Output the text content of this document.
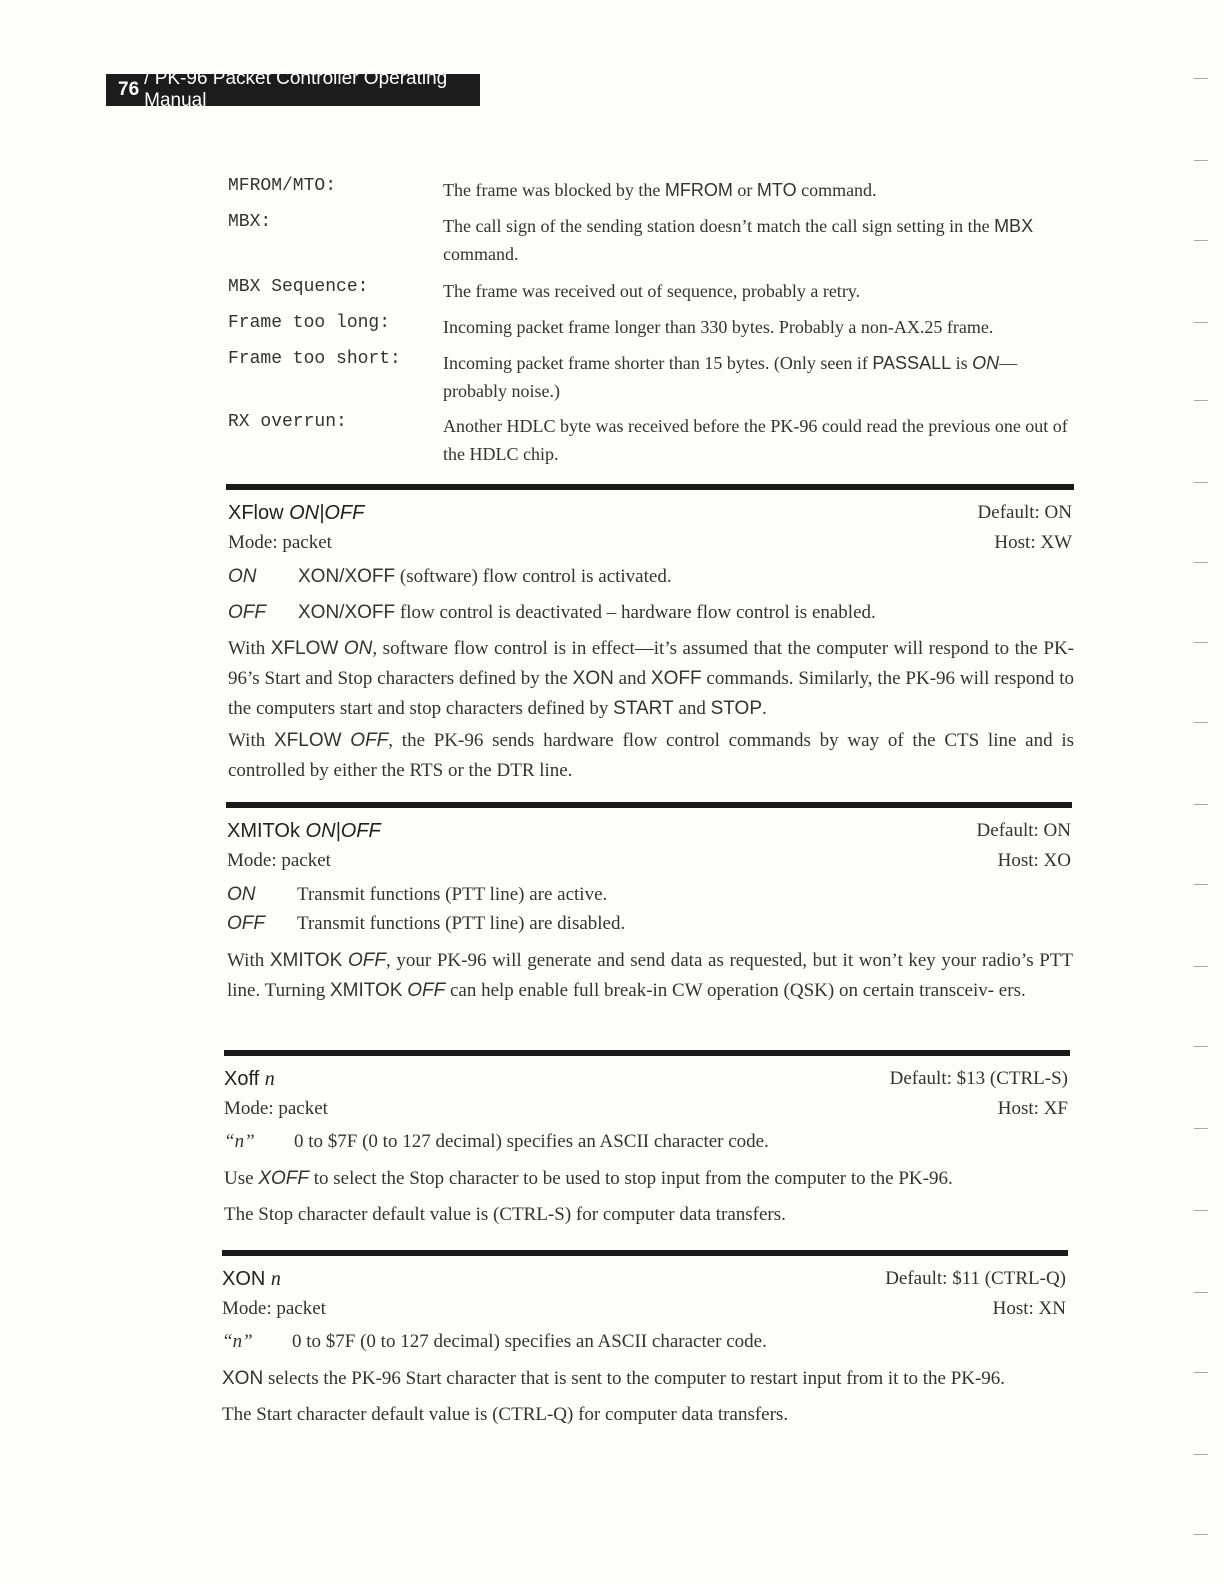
76
/ PK-96 Packet Controller Operating Manual
MFROM/MTO:	The frame was blocked by the MFROM or MTO command.
MBX:	The call sign of the sending station doesn’t match the call sign setting in the MBX command.
MBX Sequence:	The frame was received out of sequence, probably a retry.
Frame too long:	Incoming packet frame longer than 330 bytes. Probably a non-AX.25 frame.
Frame too short: Incoming packet frame shorter than 15 bytes. (Only seen if PASSALL is ON— probably noise.)
RX overrun:	Another HDLC byte was received before the PK-96 could read the previous one out of the HDLC chip.
XFlow ON|OFF	Default: ON
Mode: packet	Host: XW
ON XON/XOFF (software) flow control is activated.
OFF XON/XOFF flow control is deactivated – hardware flow control is enabled.
With XFLOW ON, software flow control is in effect—it’s assumed that the computer will respond to the PK-96’s Start and Stop characters defined by the XON and XOFF commands. Similarly, the PK-96 will respond to the computers start and stop characters defined by START and STOP.
With XFLOW OFF, the PK-96 sends hardware flow control commands by way of the CTS line and is controlled by either the RTS or the DTR line.
XMITOk ON|OFF	Default: ON
Mode: packet	Host: XO
ON Transmit functions (PTT line) are active.
OFF Transmit functions (PTT line) are disabled.
With XMITOK OFF, your PK-96 will generate and send data as requested, but it won’t key your radio’s PTT line. Turning XMITOK OFF can help enable full break-in CW operation (QSK) on certain transceiv- ers.
Xoff n	Default: $13 (CTRL-S)
Mode: packet	Host: XF
“n” 0 to $7F (0 to 127 decimal) specifies an ASCII character code.
Use XOFF to select the Stop character to be used to stop input from the computer to the PK-96.
The Stop character default value is (CTRL-S) for computer data transfers.
XON n	Default: $11 (CTRL-Q)
Mode: packet	Host: XN
“n” 0 to $7F (0 to 127 decimal) specifies an ASCII character code.
XON selects the PK-96 Start character that is sent to the computer to restart input from it to the PK-96.
The Start character default value is (CTRL-Q) for computer data transfers.
